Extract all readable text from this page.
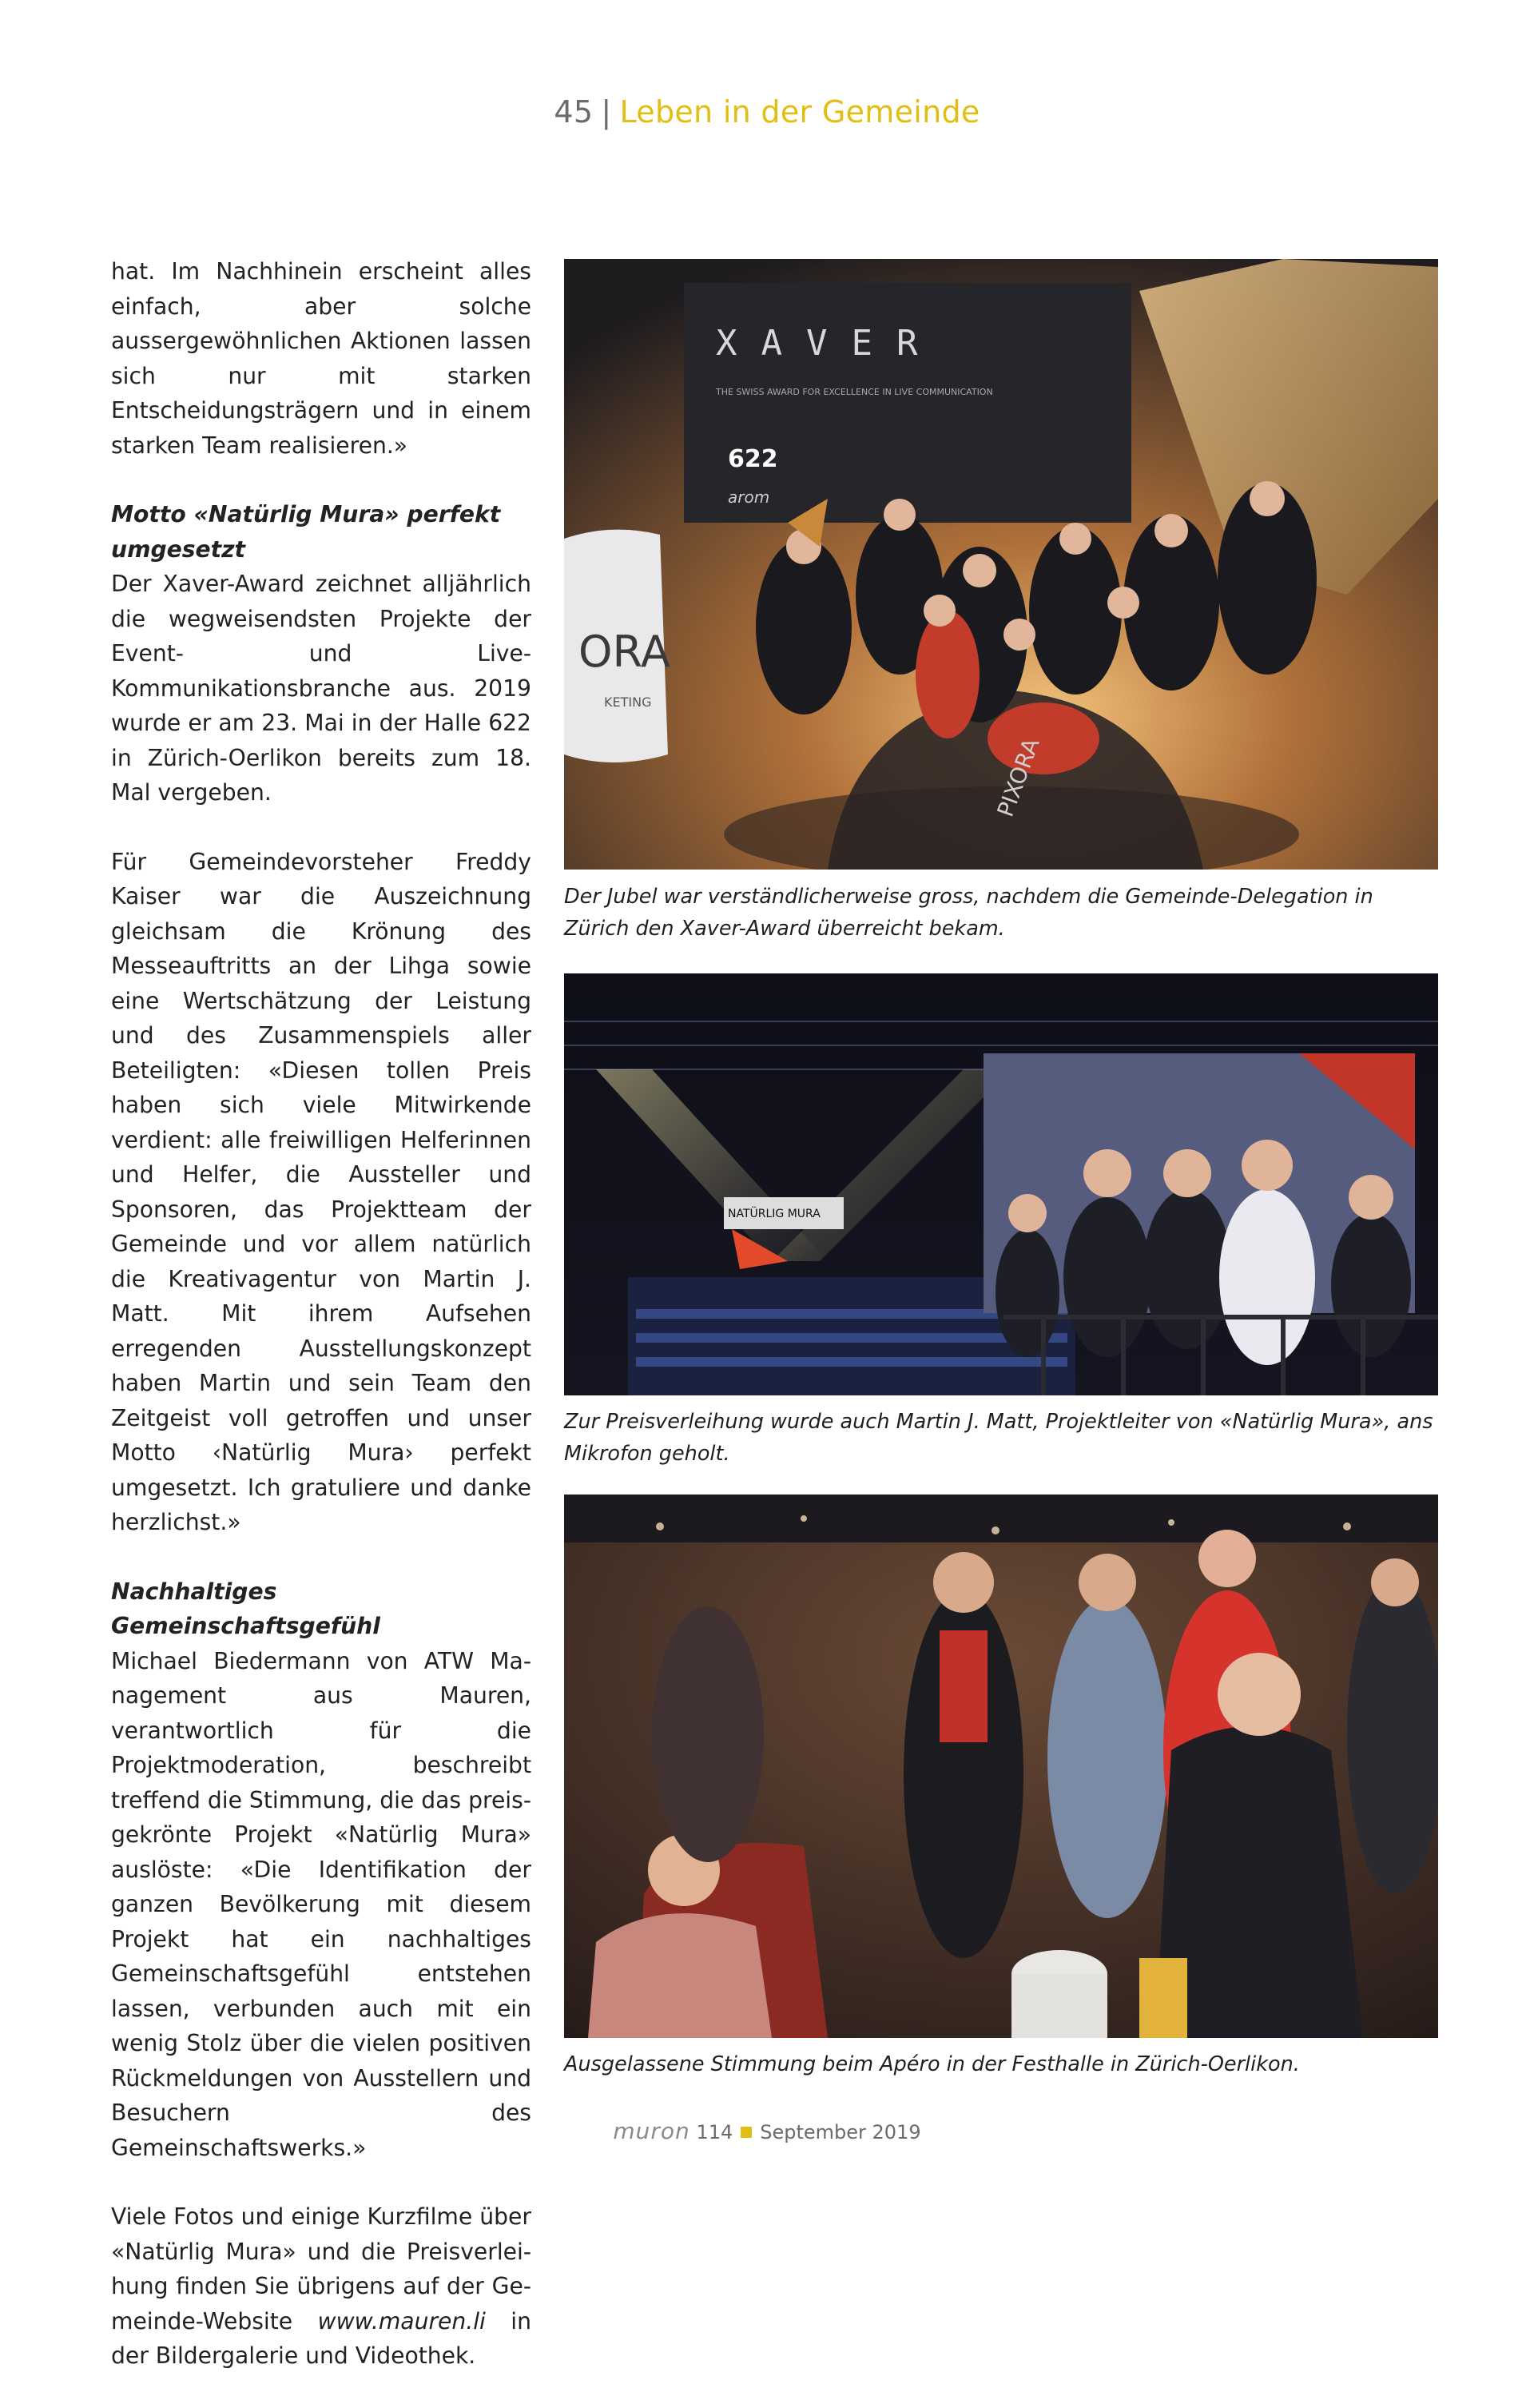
45 | Leben in der Gemeinde

hat. Im Nachhinein erscheint alles einfach, aber solche aussergewöhnlichen Aktionen lassen sich nur mit starken Entscheidungsträgern und in einem starken Team realisieren.»

Motto «Natürlig Mura» perfekt umgesetzt

Der Xaver-Award zeichnet alljährlich die wegweisendsten Projekte der Event- und Live-Kommunikationsbranche aus. 2019 wurde er am 23. Mai in der Halle 622 in Zürich-Oerlikon bereits zum 18. Mal vergeben.

Für Gemeindevorsteher Freddy Kaiser war die Auszeichnung gleichsam die Krönung des Messeauftritts an der Lihga sowie eine Wertschätzung der Leistung und des Zusammenspiels aller Beteiligten: «Diesen tollen Preis haben sich viele Mitwirkende verdient: alle freiwilligen Helferinnen und Helfer, die Aussteller und Sponsoren, das Projektteam der Gemeinde und vor allem natürlich die Kreativagentur von Martin J. Matt. Mit ihrem Aufsehen erregenden Ausstellungskonzept haben Martin und sein Team den Zeitgeist voll getroffen und unser Motto ‹Natürlig Mura› perfekt umgesetzt. Ich gratuliere und danke herzlichst.»

Nachhaltiges Gemeinschaftsgefühl

Michael Biedermann von ATW Management aus Mauren, verantwortlich für die Projektmoderation, beschreibt treffend die Stimmung, die das preisgekrönte Projekt «Natürlig Mura» auslöste: «Die Identifikation der ganzen Bevölkerung mit diesem Projekt hat ein nachhaltiges Gemeinschaftsgefühl entstehen lassen, verbunden auch mit ein wenig Stolz über die vielen positiven Rückmeldungen von Ausstellern und Besuchern des Gemeinschaftswerks.»

Viele Fotos und einige Kurzfilme über «Natürlig Mura» und die Preisverleihung finden Sie übrigens auf der Gemeinde-Website www.mauren.li in der Bildergalerie und Videothek.

XAVER
THE SWISS AWARD FOR EXCELLENCE IN LIVE COMMUNICATION
622
arom
ORA
KETING
PIXORA
Der Jubel war verständlicherweise gross, nachdem die Gemeinde-Delegation in Zürich den Xaver-Award überreicht bekam.
NATÜRLIG MURA
Zur Preisverleihung wurde auch Martin J. Matt, Projektleiter von «Natürlig Mura», ans Mikrofon geholt.
Ausgelassene Stimmung beim Apéro in der Festhalle in Zürich-Oerlikon.
muron 114 September 2019
